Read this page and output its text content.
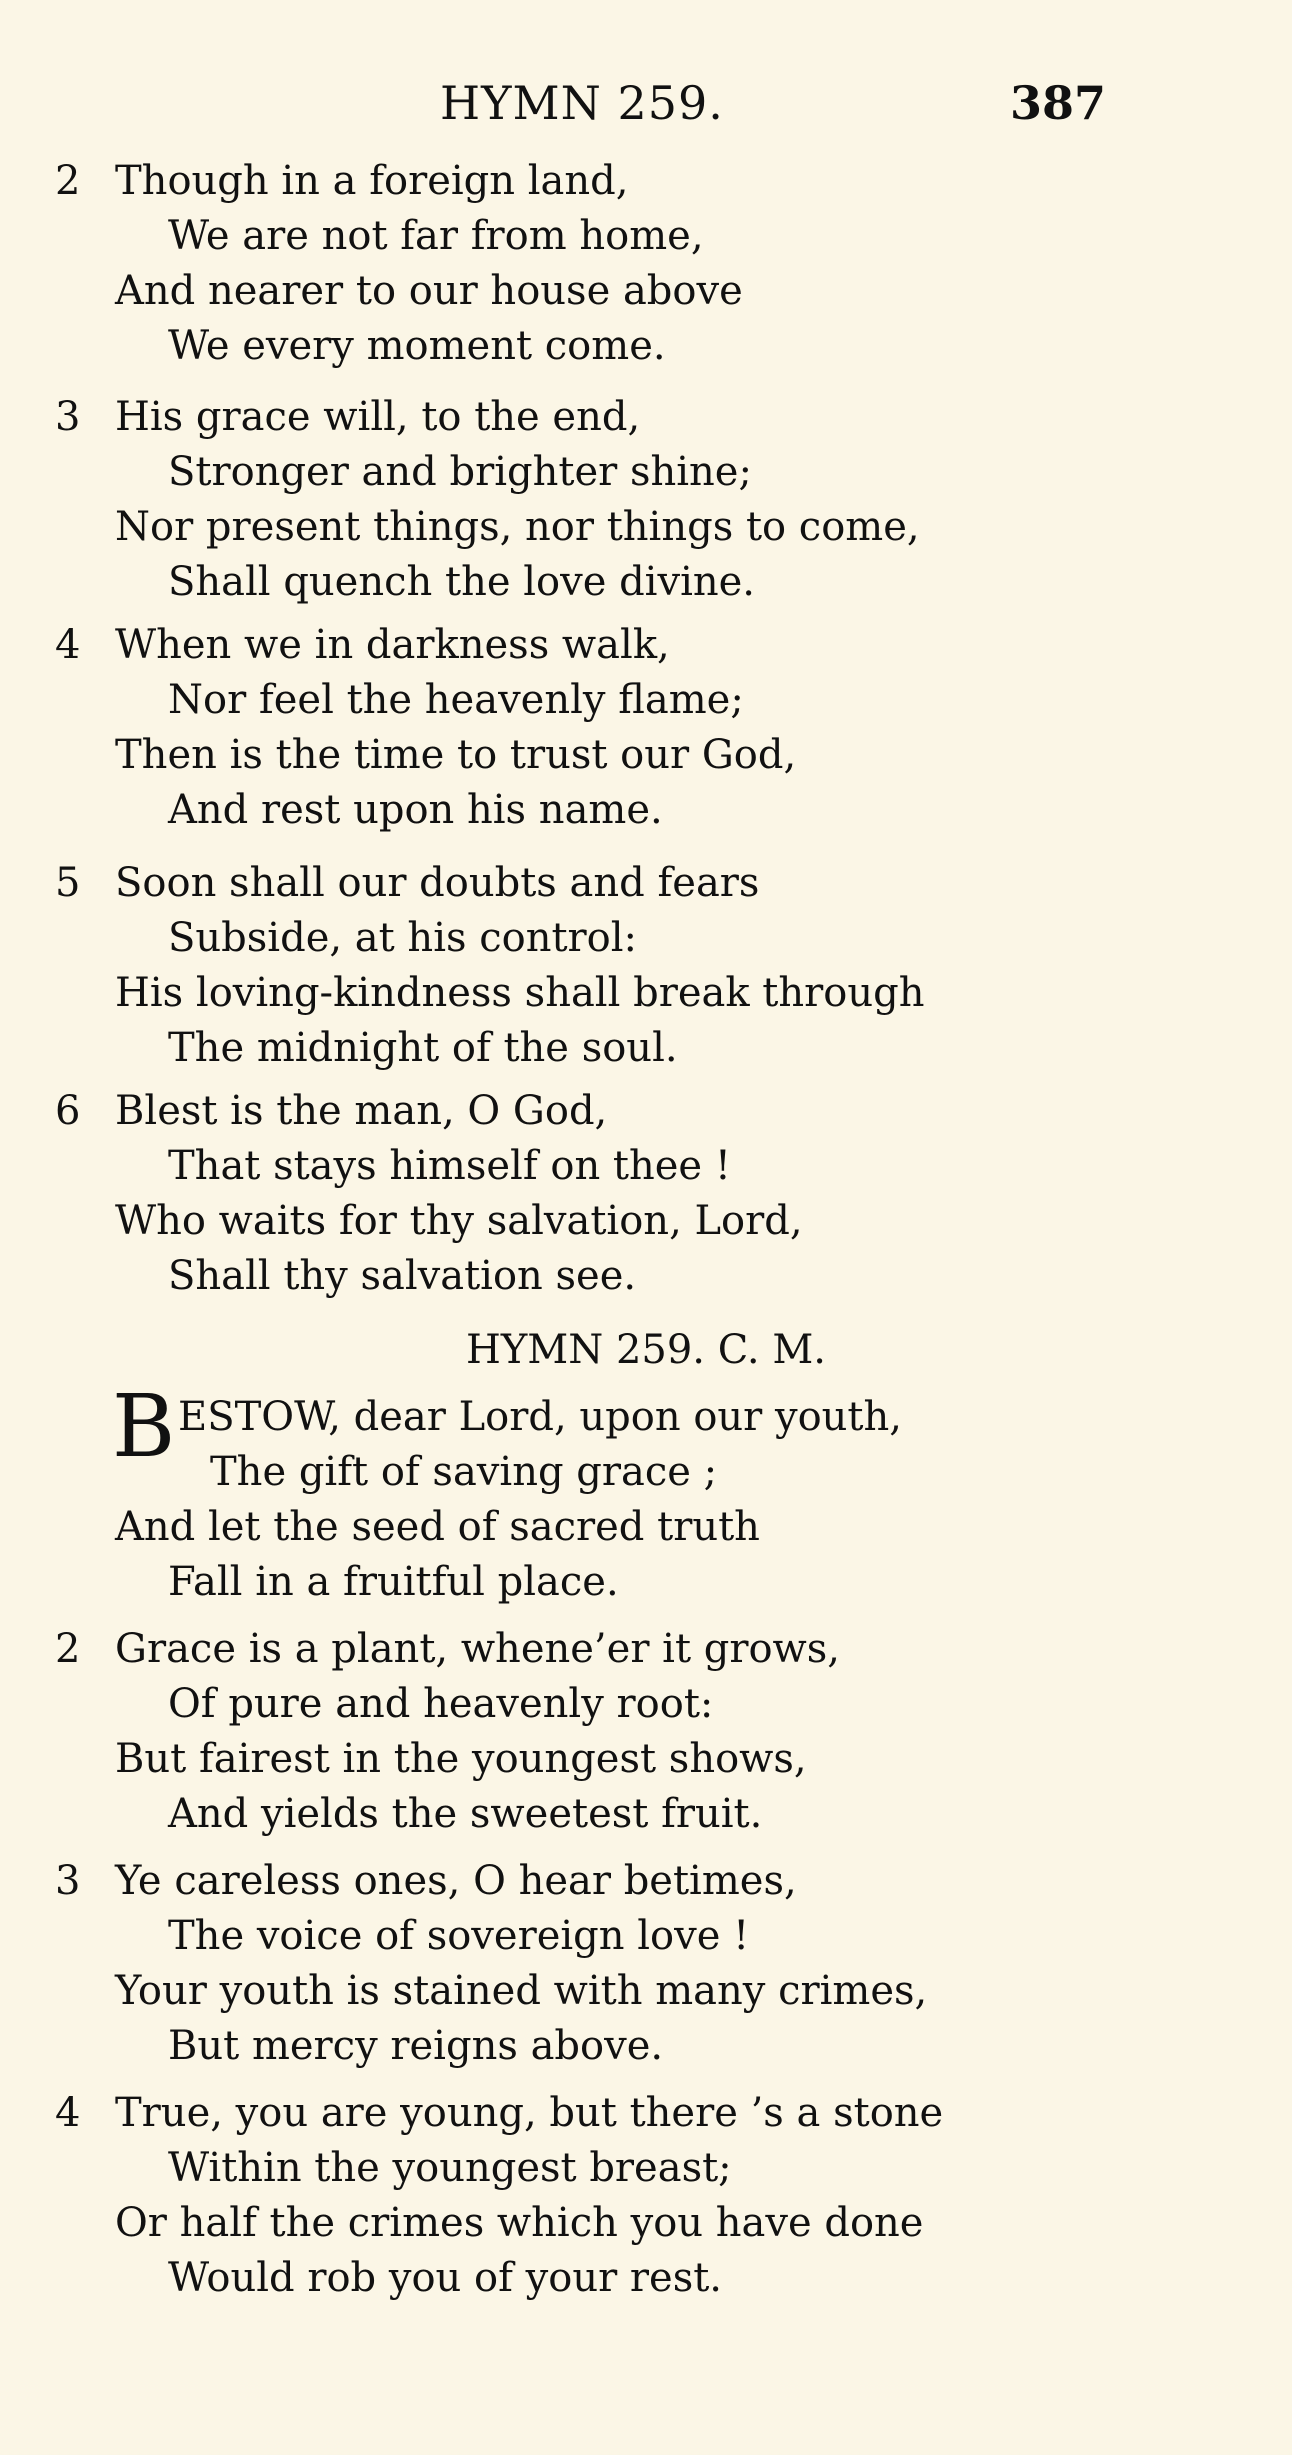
HYMN 259.	387
2 Though in a foreign land,
We are not far from home,
And nearer to our house above
We every moment come.
3 His grace will, to the end,
Stronger and brighter shine;
Nor present things, nor things to come,
Shall quench the love divine.
4 When we in darkness walk,
Nor feel the heavenly flame;
Then is the time to trust our God,
And rest upon his name.
5 Soon shall our doubts and fears
Subside, at his control:
His loving-kindness shall break through
The midnight of the soul.
6 Blest is the man, O God,
That stays himself on thee !
Who waits for thy salvation, Lord,
Shall thy salvation see.
HYMN 259. C. M.
B ESTOW, dear Lord, upon our youth,
The gift of saving grace ;
And let the seed of sacred truth
Fall in a fruitful place.
2 Grace is a plant, whene’er it grows,
Of pure and heavenly root:
But fairest in the youngest shows,
And yields the sweetest fruit.
3 Ye careless ones, O hear betimes,
The voice of sovereign love !
Your youth is stained with many crimes,
But mercy reigns above.
4 True, you are young, but there ’s a stone
Within the youngest breast;
Or half the crimes which you have done
Would rob you of your rest.
